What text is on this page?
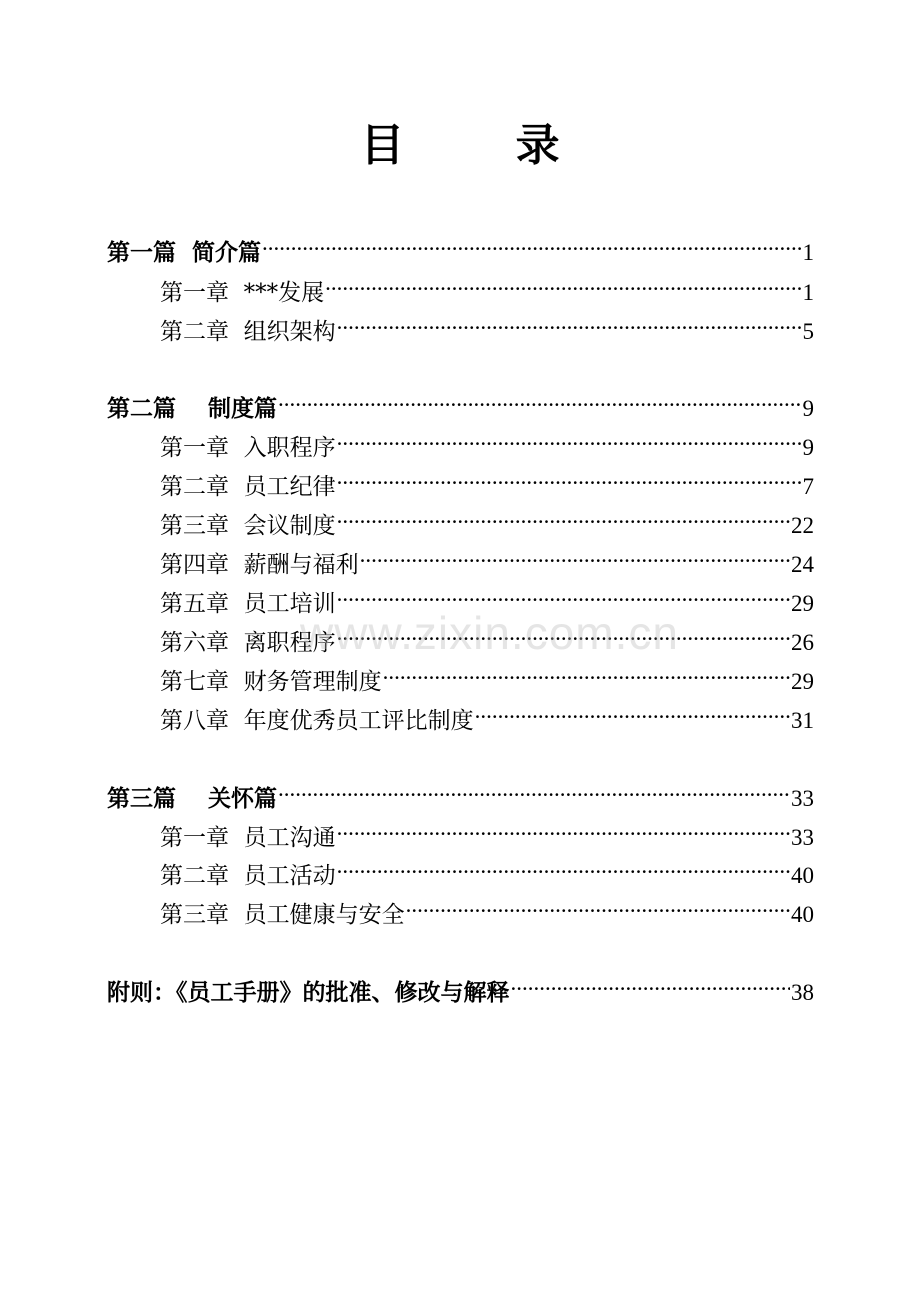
目 录
第一篇  简介篇 .....	1
第一章  ***发展 .....	1
第二章  组织架构 .....	5
第二篇    制度篇 .....	9
第一章  入职程序 .....	9
第二章  员工纪律 .....	7
第三章  会议制度 .....	22
第四章  薪酬与福利 .....	24
第五章  员工培训 .....	29
第六章  离职程序 .....	26
第七章  财务管理制度 .....	29
第八章  年度优秀员工评比制度 .....	31
第三篇    关怀篇 .....	33
第一章  员工沟通 .....	33
第二章  员工活动 .....	40
第三章  员工健康与安全 .....	40
附则：《员工手册》的批准、修改与解释 .....	38
www.zixin.com.cn
